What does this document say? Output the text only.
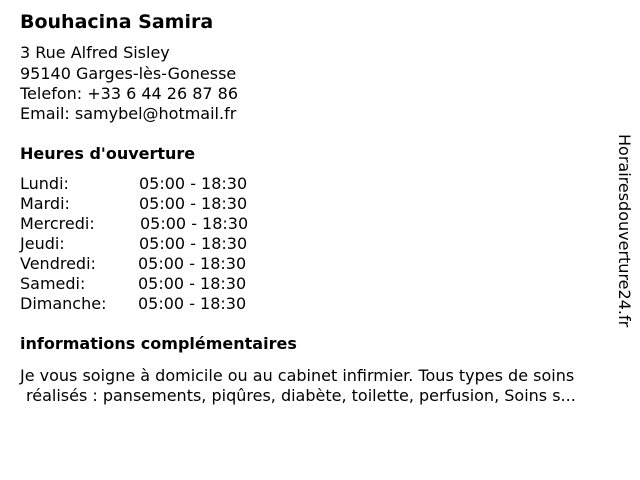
Bouhacina Samira
3 Rue Alfred Sisley
95140 Garges-lès-Gonesse
Telefon: +33 6 44 26 87 86
Email: samybel@hotmail.fr
Heures d'ouverture
Lundi:	05:00 - 18:30
Mardi:	05:00 - 18:30
Mercredi:	05:00 - 18:30
Jeudi:	05:00 - 18:30
Vendredi:	05:00 - 18:30
Samedi:	05:00 - 18:30
Dimanche: 05:00 - 18:30
informations complémentaires
Je vous soigne à domicile ou au cabinet infirmier. Tous types de soins
réalisés : pansements, piqûres, diabète, toilette, perfusion, Soins s...
Horairesdouverture24.fr
